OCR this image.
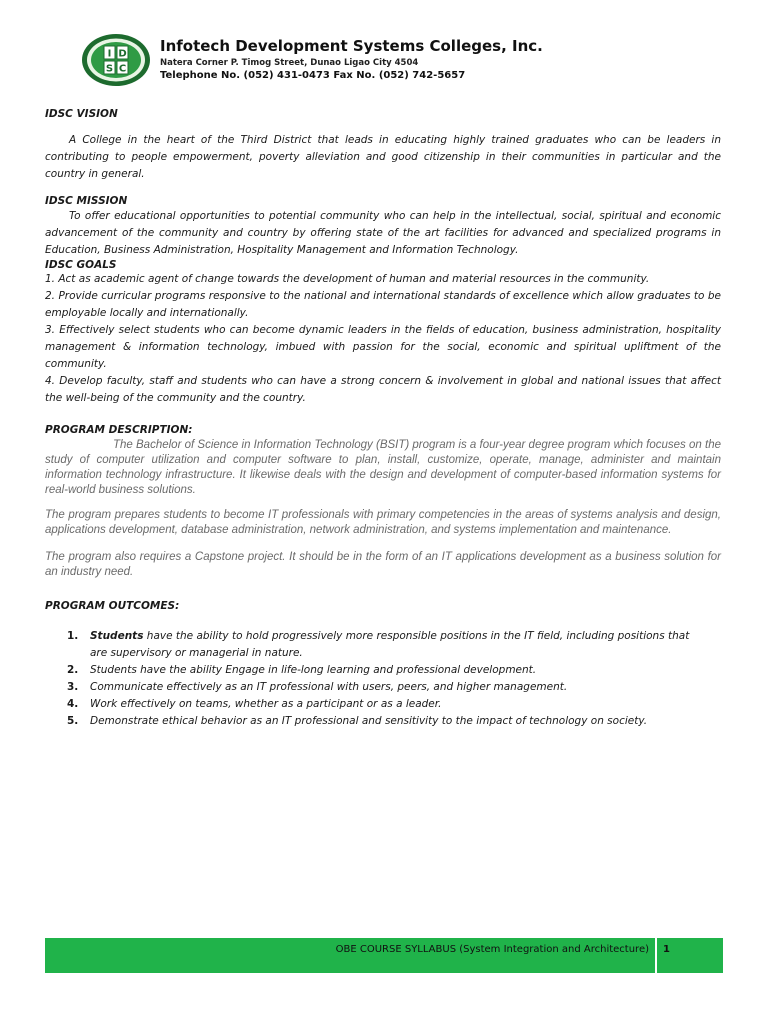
I D
S C
Infotech Development Systems Colleges, Inc.
Natera Corner P. Timog Street, Dunao Ligao City 4504
Telephone No. (052) 431-0473 Fax No. (052) 742-5657

IDSC VISION

A College in the heart of the Third District that leads in educating highly trained graduates who can be leaders in contributing to people empowerment, poverty alleviation and good citizenship in their communities in particular and the country in general.

IDSC MISSION

To offer educational opportunities to potential community who can help in the intellectual, social, spiritual and economic advancement of the community and country by offering state of the art facilities for advanced and specialized programs in Education, Business Administration, Hospitality Management and Information Technology.

IDSC GOALS

1. Act as academic agent of change towards the development of human and material resources in the community.

2. Provide curricular programs responsive to the national and international standards of excellence which allow graduates to be employable locally and internationally.

3. Effectively select students who can become dynamic leaders in the fields of education, business administration, hospitality management & information technology, imbued with passion for the social, economic and spiritual upliftment of the community.

4. Develop faculty, staff and students who can have a strong concern & involvement in global and national issues that affect the well-being of the community and the country.

PROGRAM DESCRIPTION:

The Bachelor of Science in Information Technology (BSIT) program is a four-year degree program which focuses on the study of computer utilization and computer software to plan, install, customize, operate, manage, administer and maintain information technology infrastructure. It likewise deals with the design and development of computer-based information systems for real-world business solutions.

The program prepares students to become IT professionals with primary competencies in the areas of systems analysis and design, applications development, database administration, network administration, and systems implementation and maintenance.

The program also requires a Capstone project. It should be in the form of an IT applications development as a business solution for an industry need.

PROGRAM OUTCOMES:

1. Students have the ability to hold progressively more responsible positions in the IT field, including positions that are supervisory or managerial in nature.
2. Students have the ability Engage in life-long learning and professional development.
3. Communicate effectively as an IT professional with users, peers, and higher management.
4. Work effectively on teams, whether as a participant or as a leader.
5. Demonstrate ethical behavior as an IT professional and sensitivity to the impact of technology on society.
OBE COURSE SYLLABUS (System Integration and Architecture) 1
